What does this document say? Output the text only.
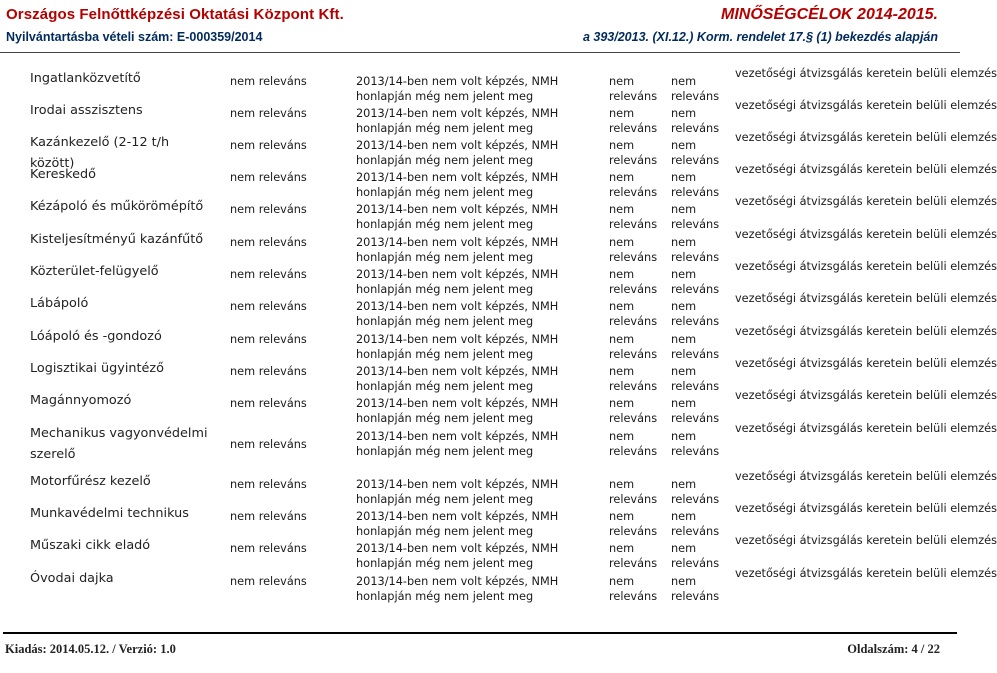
Országos Felnőttképzési Oktatási Központ Kft.
Nyilvántartásba vételi szám: E-000359/2014
MINŐSÉGCÉLOK 2014-2015.
a 393/2013. (XI.12.) Korm. rendelet 17.§ (1) bekezdés alapján
Ingatlanközvetítő	nem releváns	2013/14-ben nem volt képzés, NMH honlapján még nem jelent meg
nem releváns
nem releváns
vezetőségi átvizsgálás keretein belüli elemzés
Irodai asszisztens	nem releváns	2013/14-ben nem volt képzés, NMH honlapján még nem jelent meg
nem releváns
nem releváns
vezetőségi átvizsgálás keretein belüli elemzés
Kazánkezelő (2-12 t/h között)
nem releváns	2013/14-ben nem volt képzés, NMH honlapján még nem jelent meg
nem releváns
nem releváns
vezetőségi átvizsgálás keretein belüli elemzés
Kereskedő	nem releváns	2013/14-ben nem volt képzés, NMH honlapján még nem jelent meg
nem releváns
nem releváns
vezetőségi átvizsgálás keretein belüli elemzés
Kézápoló és műkörömépítő	nem releváns	2013/14-ben nem volt képzés, NMH honlapján még nem jelent meg
nem releváns
nem releváns
vezetőségi átvizsgálás keretein belüli elemzés
Kisteljesítményű kazánfűtő	nem releváns	2013/14-ben nem volt képzés, NMH honlapján még nem jelent meg
nem releváns
nem releváns
vezetőségi átvizsgálás keretein belüli elemzés
Közterület-felügyelő	nem releváns	2013/14-ben nem volt képzés, NMH honlapján még nem jelent meg
nem releváns
nem releváns
vezetőségi átvizsgálás keretein belüli elemzés
Lábápoló	nem releváns	2013/14-ben nem volt képzés, NMH honlapján még nem jelent meg
nem releváns
nem releváns
vezetőségi átvizsgálás keretein belüli elemzés
Lóápoló és -gondozó	nem releváns	2013/14-ben nem volt képzés, NMH honlapján még nem jelent meg
nem releváns
nem releváns
vezetőségi átvizsgálás keretein belüli elemzés
Logisztikai ügyintéző	nem releváns	2013/14-ben nem volt képzés, NMH honlapján még nem jelent meg
nem releváns
nem releváns
vezetőségi átvizsgálás keretein belüli elemzés
Magánnyomozó	nem releváns	2013/14-ben nem volt képzés, NMH honlapján még nem jelent meg
nem releváns
nem releváns
vezetőségi átvizsgálás keretein belüli elemzés
Mechanikus vagyonvédelmi szerelő
nem releváns
2013/14-ben nem volt képzés, NMH honlapján még nem jelent meg
nem releváns
nem releváns
vezetőségi átvizsgálás keretein belüli elemzés
Motorfűrész kezelő	nem releváns	2013/14-ben nem volt képzés, NMH honlapján még nem jelent meg
nem releváns
nem releváns
vezetőségi átvizsgálás keretein belüli elemzés
Munkavédelmi technikus	nem releváns	2013/14-ben nem volt képzés, NMH honlapján még nem jelent meg
nem releváns
nem releváns
vezetőségi átvizsgálás keretein belüli elemzés
Műszaki cikk eladó	nem releváns	2013/14-ben nem volt képzés, NMH honlapján még nem jelent meg
nem releváns
nem releváns
vezetőségi átvizsgálás keretein belüli elemzés
Óvodai dajka	nem releváns	2013/14-ben nem volt képzés, NMH honlapján még nem jelent meg
nem releváns
nem releváns
vezetőségi átvizsgálás keretein belüli elemzés
Kiadás: 2014.05.12. / Verzió: 1.0	Oldalszám: 4 / 22
